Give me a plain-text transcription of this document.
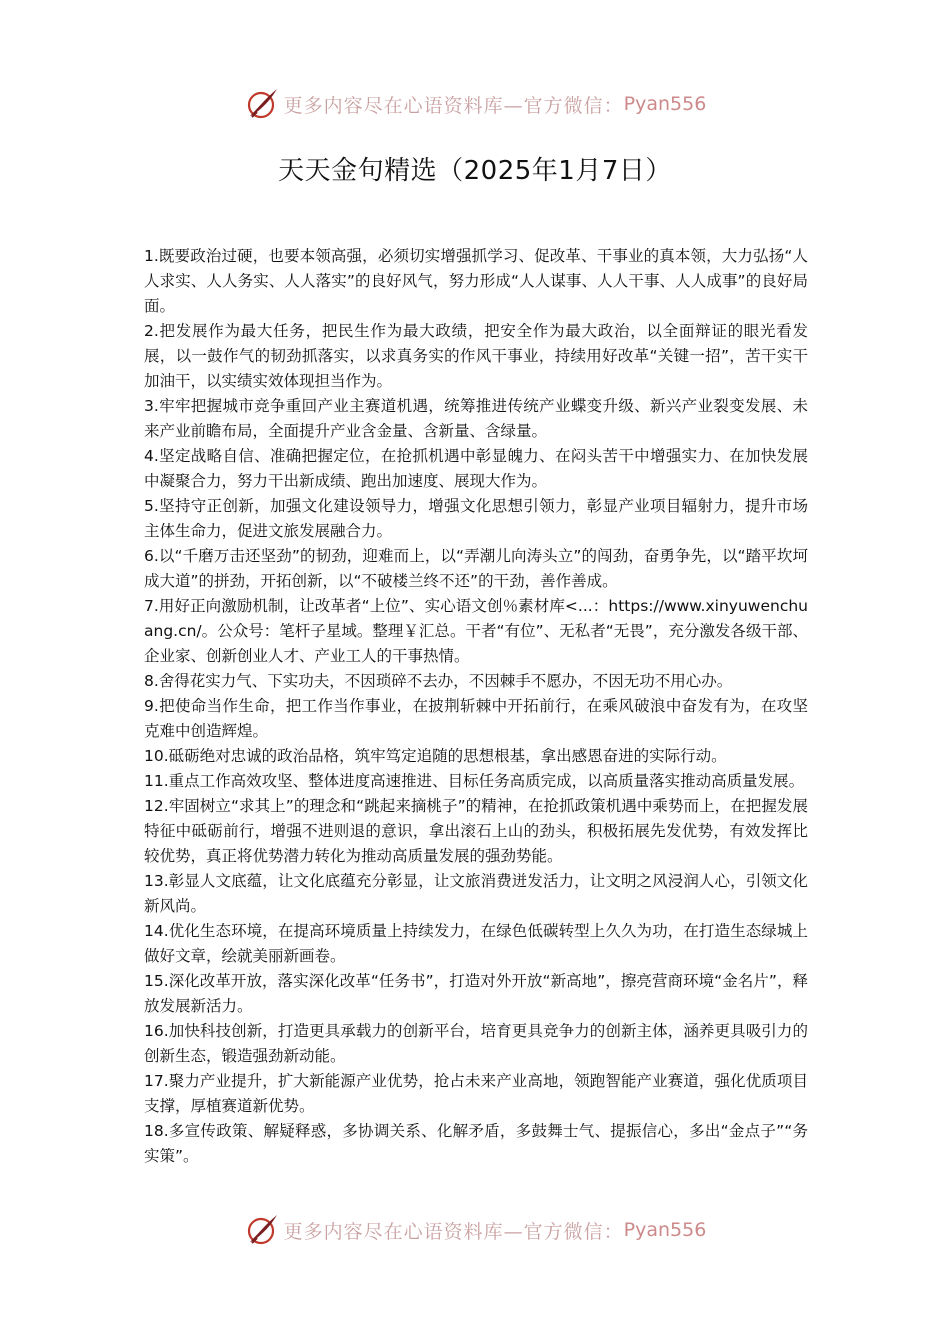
更多内容尽在心语资料库—官方微信： Pyan556
天天金句精选（2025年1月7日）

1.既要政治过硬，也要本领高强，必须切实增强抓学习、促改革、干事业的真本领，大力弘扬“人人求实、人人务实、人人落实”的良好风气，努力形成“人人谋事、人人干事、人人成事”的良好局面。

2.把发展作为最大任务，把民生作为最大政绩，把安全作为最大政治，以全面辩证的眼光看发展，以一鼓作气的韧劲抓落实，以求真务实的作风干事业，持续用好改革“关键一招”，苦干实干加油干，以实绩实效体现担当作为。

3.牢牢把握城市竞争重回产业主赛道机遇，统筹推进传统产业蝶变升级、新兴产业裂变发展、未来产业前瞻布局，全面提升产业含金量、含新量、含绿量。

4.坚定战略自信、准确把握定位，在抢抓机遇中彰显魄力、在闷头苦干中增强实力、在加快发展中凝聚合力，努力干出新成绩、跑出加速度、展现大作为。

5.坚持守正创新，加强文化建设领导力，增强文化思想引领力，彰显产业项目辐射力，提升市场主体生命力，促进文旅发展融合力。

6.以“千磨万击还坚劲”的韧劲，迎难而上，以“弄潮儿向涛头立”的闯劲，奋勇争先，以“踏平坎坷成大道”的拼劲，开拓创新，以“不破楼兰终不还”的干劲，善作善成。

7.用好正向激励机制，让改革者“上位”、实心语文创％素材库<...：https://www.xinyuwenchuang.cn/。公众号：笔杆子星域。整理￥汇总。干者“有位”、无私者“无畏”，充分激发各级干部、企业家、创新创业人才、产业工人的干事热情。

8.舍得花实力气、下实功夫，不因琐碎不去办，不因棘手不愿办，不因无功不用心办。

9.把使命当作生命，把工作当作事业，在披荆斩棘中开拓前行，在乘风破浪中奋发有为，在攻坚克难中创造辉煌。

10.砥砺绝对忠诚的政治品格，筑牢笃定追随的思想根基，拿出感恩奋进的实际行动。

11.重点工作高效攻坚、整体进度高速推进、目标任务高质完成，以高质量落实推动高质量发展。

12.牢固树立“求其上”的理念和“跳起来摘桃子”的精神，在抢抓政策机遇中乘势而上，在把握发展特征中砥砺前行，增强不进则退的意识，拿出滚石上山的劲头，积极拓展先发优势，有效发挥比较优势，真正将优势潜力转化为推动高质量发展的强劲势能。

13.彰显人文底蕴，让文化底蕴充分彰显，让文旅消费迸发活力，让文明之风浸润人心，引领文化新风尚。

14.优化生态环境，在提高环境质量上持续发力，在绿色低碳转型上久久为功，在打造生态绿城上做好文章，绘就美丽新画卷。

15.深化改革开放，落实深化改革“任务书”，打造对外开放“新高地”，擦亮营商环境“金名片”，释放发展新活力。

16.加快科技创新，打造更具承载力的创新平台，培育更具竞争力的创新主体，涵养更具吸引力的创新生态，锻造强劲新动能。

17.聚力产业提升，扩大新能源产业优势，抢占未来产业高地，领跑智能产业赛道，强化优质项目支撑，厚植赛道新优势。

18.多宣传政策、解疑释惑，多协调关系、化解矛盾，多鼓舞士气、提振信心，多出“金点子”“务实策”。

更多内容尽在心语资料库—官方微信： Pyan556
